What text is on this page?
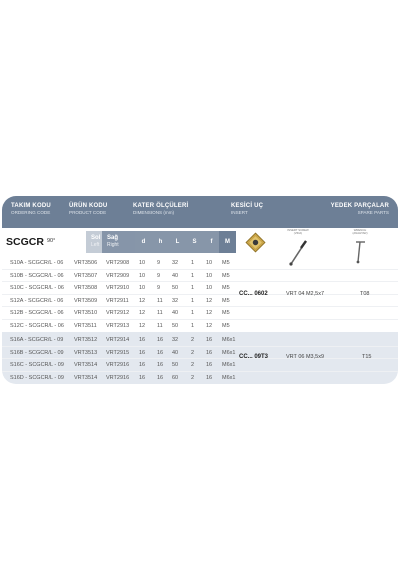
TAKIM KODU
ORDERING CODE
ÜRÜN KODU
PRODUCT CODE
KATER ÖLÇÜLERİ
DIMENSIONS (mm)
KESİCİ UÇ
INSERT
YEDEK PARÇALAR
SPARE PARTS
SCGCR 90°	Sol
Left
Sağ
Right	d	h	L	S	f	M
INSERT SCREW
(VIDA)
WRENCH
(ANAHTAR)
S10A - SCGCR/L - 06 VRT3506 VRT2908 10 9 32 1 10 M5
S10B - SCGCR/L - 06 VRT3507 VRT2909 10 9 40 1 10 M5
S10C - SCGCR/L - 06 VRT3508 VRT2910 10 9 50 1 10 M5
S12A - SCGCR/L - 06 VRT3509 VRT2911 12 11 32 1 12 M5
S12B - SCGCR/L - 06 VRT3510 VRT2912 12 11 40 1 12 M5
S12C - SCGCR/L - 06 VRT3511 VRT2913 12 11 50 1 12 M5
S16A - SCGCR/L - 09 VRT3512 VRT2914 16 16 32 2 16 M6x1
S16B - SCGCR/L - 09 VRT3513 VRT2915 16 16 40 2 16 M6x1
S16C - SCGCR/L - 09 VRT3514 VRT2916 16 16 50 2 16 M6x1
S16D - SCGCR/L - 09 VRT3514 VRT2916 16 16 60 2 16 M6x1
CC... 0602	VRT 04 M2,5x7	T08
CC... 09T3	VRT 06 M3,5x9	T15
